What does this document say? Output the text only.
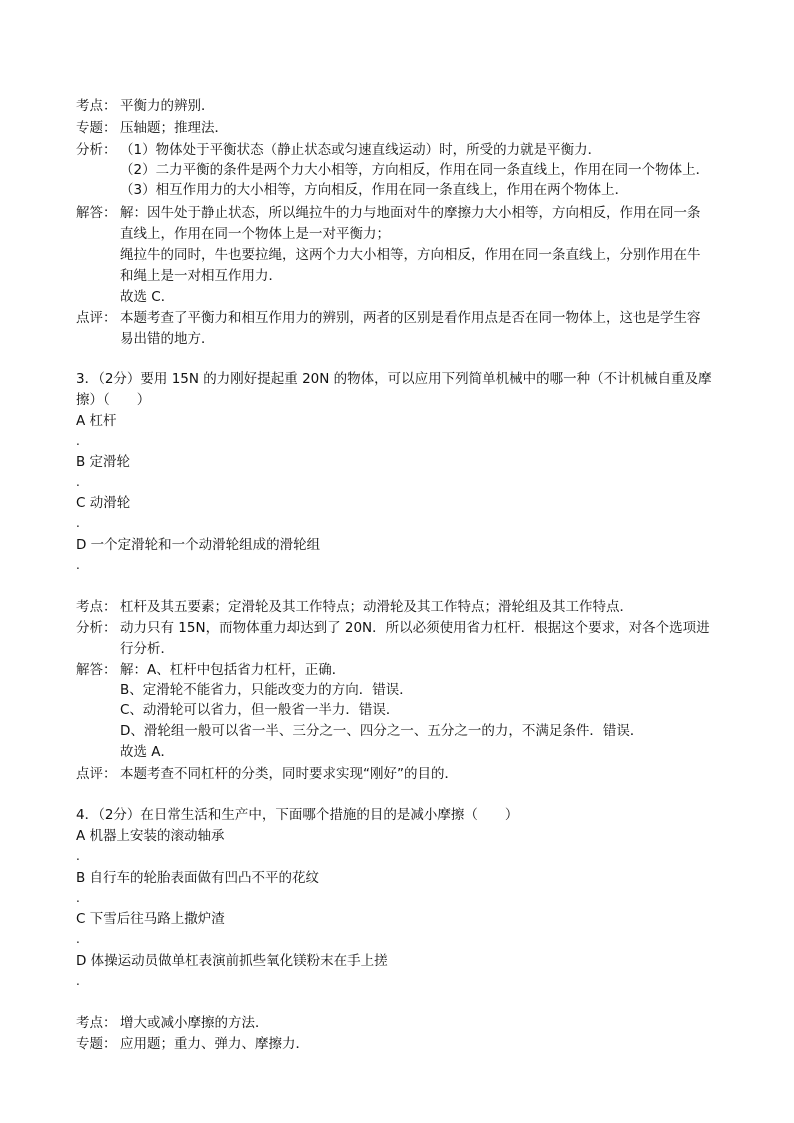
考点： 平衡力的辨别．
专题： 压轴题；推理法．
分析： （1）物体处于平衡状态（静止状态或匀速直线运动）时，所受的力就是平衡力．
（2）二力平衡的条件是两个力大小相等，方向相反，作用在同一条直线上，作用在同一个物体上．
（3）相互作用力的大小相等，方向相反，作用在同一条直线上，作用在两个物体上．
解答： 解：因牛处于静止状态，所以绳拉牛的力与地面对牛的摩擦力大小相等，方向相反，作用在同一条
直线上，作用在同一个物体上是一对平衡力；
绳拉牛的同时，牛也要拉绳，这两个力大小相等，方向相反，作用在同一条直线上，分别作用在牛
和绳上是一对相互作用力．
故选 C．
点评： 本题考查了平衡力和相互作用力的辨别，两者的区别是看作用点是否在同一物体上，这也是学生容
易出错的地方．
3．（2分）要用 15N 的力刚好提起重 20N 的物体，可以应用下列简单机械中的哪一种（不计机械自重及摩
擦）（　　）
A 杠杆
.
B 定滑轮
.
C 动滑轮
.
D 一个定滑轮和一个动滑轮组成的滑轮组
.
考点： 杠杆及其五要素；定滑轮及其工作特点；动滑轮及其工作特点；滑轮组及其工作特点．
分析： 动力只有 15N，而物体重力却达到了 20N．所以必须使用省力杠杆．根据这个要求，对各个选项进
行分析．
解答： 解：A、杠杆中包括省力杠杆，正确．
B、定滑轮不能省力，只能改变力的方向．错误．
C、动滑轮可以省力，但一般省一半力．错误．
D、滑轮组一般可以省一半、三分之一、四分之一、五分之一的力，不满足条件．错误．
故选 A．
点评： 本题考查不同杠杆的分类，同时要求实现“刚好”的目的．
4．（2分）在日常生活和生产中，下面哪个措施的目的是减小摩擦（　　）
A 机器上安装的滚动轴承
.
B 自行车的轮胎表面做有凹凸不平的花纹
.
C 下雪后往马路上撒炉渣
.
D 体操运动员做单杠表演前抓些氧化镁粉末在手上搓
.
考点： 增大或减小摩擦的方法．
专题： 应用题；重力、弹力、摩擦力．
